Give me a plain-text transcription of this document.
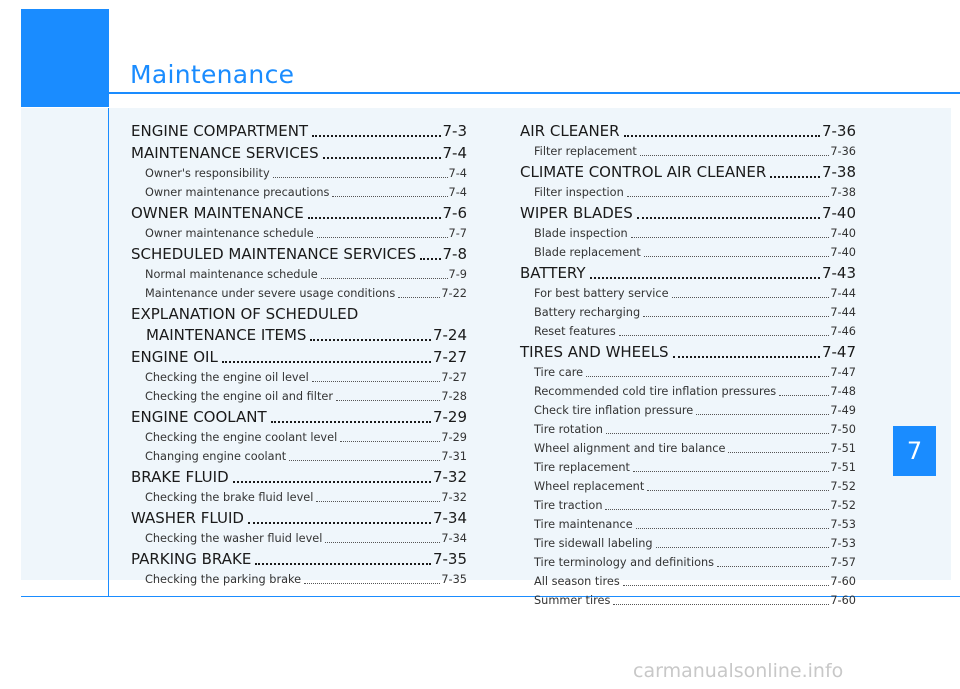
Maintenance
ENGINE COMPARTMENT	7-3
MAINTENANCE SERVICES	7-4
Owner's responsibility	7-4
Owner maintenance precautions	7-4
OWNER MAINTENANCE	7-6
Owner maintenance schedule	7-7
SCHEDULED MAINTENANCE SERVICES 7-8
Normal maintenance schedule	7-9
Maintenance under severe usage conditions	7-22
EXPLANATION OF SCHEDULED
MAINTENANCE ITEMS	7-24
ENGINE OIL	7-27
Checking the engine oil level	7-27
Checking the engine oil and filter	7-28
ENGINE COOLANT	7-29
Checking the engine coolant level	7-29
Changing engine coolant	7-31
BRAKE FLUID	7-32
Checking the brake fluid level	7-32
WASHER FLUID	7-34
Checking the washer fluid level	7-34
PARKING BRAKE	7-35
Checking the parking brake	7-35
AIR CLEANER	7-36
Filter replacement	7-36
CLIMATE CONTROL AIR CLEANER	7-38
Filter inspection	7-38
WIPER BLADES	7-40
Blade inspection	7-40
Blade replacement	7-40
BATTERY	7-43
For best battery service	7-44
Battery recharging	7-44
Reset features	7-46
TIRES AND WHEELS	7-47
Tire care	7-47
Recommended cold tire inflation pressures	7-48
Check tire inflation pressure	7-49
Tire rotation	7-50
Wheel alignment and tire balance	7-51
Tire replacement	7-51
Wheel replacement	7-52
Tire traction	7-52
Tire maintenance	7-53
Tire sidewall labeling	7-53
Tire terminology and definitions	7-57
All season tires	7-60
Summer tires	7-60
7
carmanualsonline.info
